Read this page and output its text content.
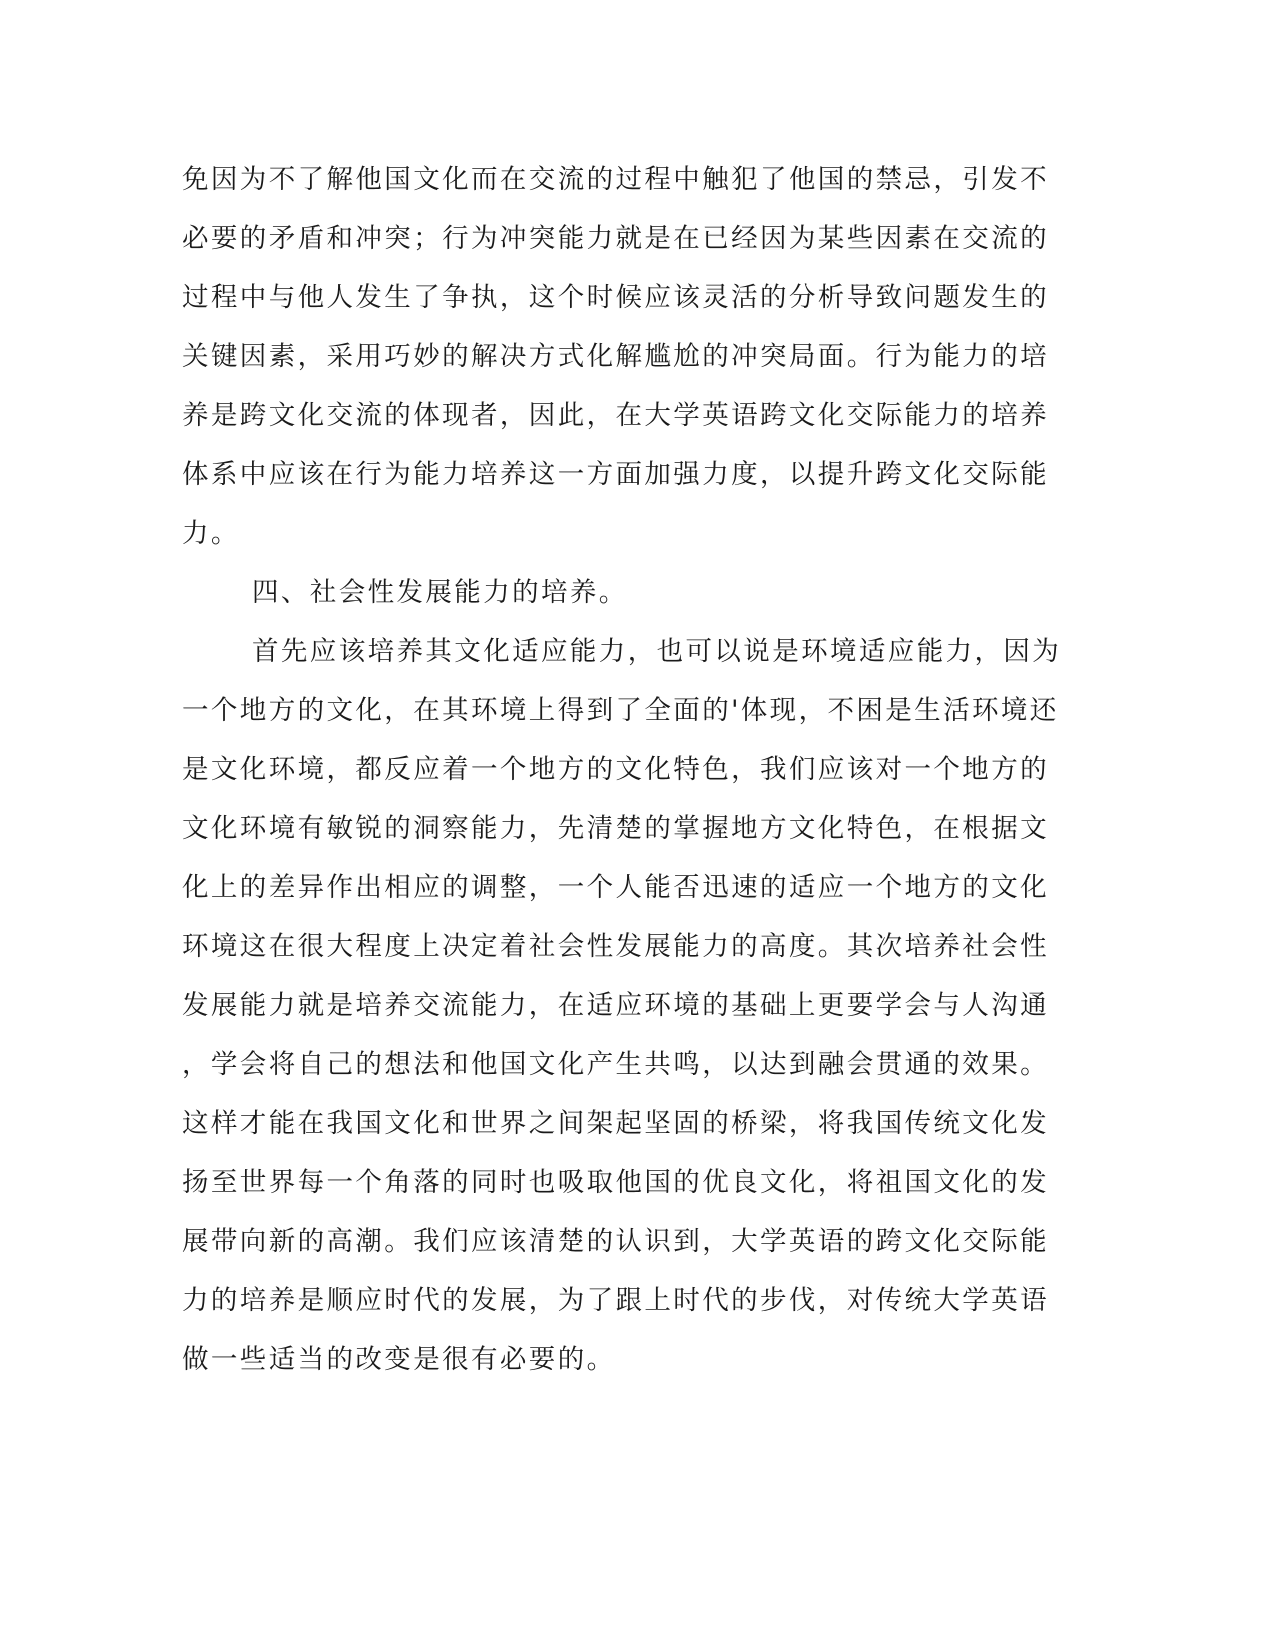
免因为不了解他国文化而在交流的过程中触犯了他国的禁忌，引发不

必要的矛盾和冲突；行为冲突能力就是在已经因为某些因素在交流的

过程中与他人发生了争执，这个时候应该灵活的分析导致问题发生的

关键因素，采用巧妙的解决方式化解尴尬的冲突局面。行为能力的培

养是跨文化交流的体现者，因此，在大学英语跨文化交际能力的培养

体系中应该在行为能力培养这一方面加强力度，以提升跨文化交际能

力。

四、社会性发展能力的培养。

首先应该培养其文化适应能力，也可以说是环境适应能力，因为

一个地方的文化，在其环境上得到了全面的'体现，不困是生活环境还

是文化环境，都反应着一个地方的文化特色，我们应该对一个地方的

文化环境有敏锐的洞察能力，先清楚的掌握地方文化特色，在根据文

化上的差异作出相应的调整，一个人能否迅速的适应一个地方的文化

环境这在很大程度上决定着社会性发展能力的高度。其次培养社会性

发展能力就是培养交流能力，在适应环境的基础上更要学会与人沟通

，学会将自己的想法和他国文化产生共鸣，以达到融会贯通的效果。

这样才能在我国文化和世界之间架起坚固的桥梁，将我国传统文化发

扬至世界每一个角落的同时也吸取他国的优良文化，将祖国文化的发

展带向新的高潮。我们应该清楚的认识到，大学英语的跨文化交际能

力的培养是顺应时代的发展，为了跟上时代的步伐，对传统大学英语

做一些适当的改变是很有必要的。
